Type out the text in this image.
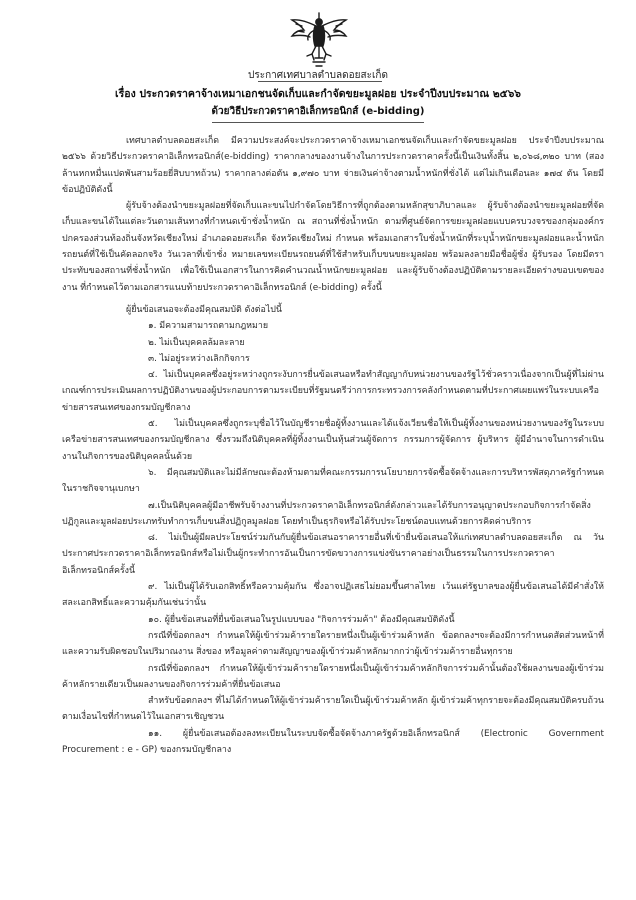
ประกาศเทศบาลตำบลดอยสะเก็ด
เรื่อง ประกวดราคาจ้างเหมาเอกชนจัดเก็บและกำจัดขยะมูลฝอย ประจำปีงบประมาณ ๒๕๖๖
ด้วยวิธีประกวดราคาอิเล็กทรอนิกส์ (e-bidding)

เทศบาลตำบลดอยสะเก็ด มีความประสงค์จะประกวดราคาจ้างเหมาเอกชนจัดเก็บและกำจัดขยะมูลฝอย ประจำปีงบประมาณ ๒๕๖๖ ด้วยวิธีประกวดราคาอิเล็กทรอนิกส์(e-bidding) ราคากลางของงานจ้างในการประกวดราคาครั้งนี้เป็นเงินทั้งสิ้น ๒,๐๖๘,๓๒๐ บาท (สองล้านหกหมื่นแปดพันสามร้อยยี่สิบบาทถ้วน) ราคากลางต่อตัน ๑,๙๗๐ บาท จ่ายเงินค่าจ้างตามน้ำหนักที่ชั่งได้ แต่ไม่เกินเดือนละ ๑๗๔ ตัน โดยมีข้อปฏิบัติดังนี้

ผู้รับจ้างต้องนำขยะมูลฝอยที่จัดเก็บและขนไปกำจัดโดยวิธีการที่ถูกต้องตามหลักสุขาภิบาลและ ผู้รับจ้างต้องนำขยะมูลฝอยที่จัดเก็บและขนได้ในแต่ละวันตามเส้นทางที่กำหนดเข้าชั่งน้ำหนัก ณ สถานที่ชั่งน้ำหนัก ตามที่ศูนย์จัดการขยะมูลฝอยแบบครบวงจรของกลุ่มองค์กรปกครองส่วนท้องถิ่นจังหวัดเชียงใหม่ อำเภอดอยสะเก็ด จังหวัดเชียงใหม่ กำหนด พร้อมเอกสารใบชั่งน้ำหนักที่ระบุน้ำหนักขยะมูลฝอยและน้ำหนักรถยนต์ที่ใช้เป็นคัดลอกจริง วันเวลาที่เข้าชั่ง หมายเลขทะเบียนรถยนต์ที่ใช้สำหรับเก็บขนขยะมูลฝอย พร้อมลงลายมือชื่อผู้ชั่ง ผู้รับรอง โดยมีตราประทับของสถานที่ชั่งน้ำหนัก เพื่อใช้เป็นเอกสารในการคิดคำนวณน้ำหนักขยะมูลฝอย และผู้รับจ้างต้องปฏิบัติตามรายละเอียดร่างขอบเขตของงาน ที่กำหนดไว้ตามเอกสารแนบท้ายประกวดราคาอิเล็กทรอนิกส์ (e-bidding) ครั้งนี้

ผู้ยื่นข้อเสนอจะต้องมีคุณสมบัติ ดังต่อไปนี้

๑. มีความสามารถตามกฎหมาย

๒. ไม่เป็นบุคคลล้มละลาย

๓. ไม่อยู่ระหว่างเลิกกิจการ

๔. ไม่เป็นบุคคลซึ่งอยู่ระหว่างถูกระงับการยื่นข้อเสนอหรือทำสัญญากับหน่วยงานของรัฐไว้ชั่วคราวเนื่องจากเป็นผู้ที่ไม่ผ่านเกณฑ์การประเมินผลการปฏิบัติงานของผู้ประกอบการตามระเบียบที่รัฐมนตรีว่าการกระทรวงการคลังกำหนดตามที่ประกาศเผยแพร่ในระบบเครือข่ายสารสนเทศของกรมบัญชีกลาง

๕. ไม่เป็นบุคคลซึ่งถูกระบุชื่อไว้ในบัญชีรายชื่อผู้ทิ้งงานและได้แจ้งเวียนชื่อให้เป็นผู้ทิ้งงานของหน่วยงานของรัฐในระบบเครือข่ายสารสนเทศของกรมบัญชีกลาง ซึ่งรวมถึงนิติบุคคลที่ผู้ทิ้งงานเป็นหุ้นส่วนผู้จัดการ กรรมการผู้จัดการ ผู้บริหาร ผู้มีอำนาจในการดำเนินงานในกิจการของนิติบุคคลนั้นด้วย

๖. มีคุณสมบัติและไม่มีลักษณะต้องห้ามตามที่คณะกรรมการนโยบายการจัดซื้อจัดจ้างและการบริหารพัสดุภาครัฐกำหนดในราชกิจจานุเบกษา

๗.เป็นนิติบุคคลผู้มีอาชีพรับจ้างงานที่ประกวดราคาอิเล็กทรอนิกส์ดังกล่าวและได้รับการอนุญาตประกอบกิจการกำจัดสิ่งปฏิกูลและมูลฝอยประเภทรับทำการเก็บขนสิ่งปฏิกูลมูลฝอย โดยทำเป็นธุรกิจหรือได้รับประโยชน์ตอบแทนด้วยการคิดค่าบริการ

๘. ไม่เป็นผู้มีผลประโยชน์ร่วมกันกับผู้ยื่นข้อเสนอราคารายอื่นที่เข้ายื่นข้อเสนอให้แก่เทศบาลตำบลดอยสะเก็ด ณ วันประกาศประกวดราคาอิเล็กทรอนิกส์หรือไม่เป็นผู้กระทำการอันเป็นการขัดขวางการแข่งขันราคาอย่างเป็นธรรมในการประกวดราคาอิเล็กทรอนิกส์ครั้งนี้

๙. ไม่เป็นผู้ได้รับเอกสิทธิ์หรือความคุ้มกัน ซึ่งอาจปฏิเสธไม่ยอมขึ้นศาลไทย เว้นแต่รัฐบาลของผู้ยื่นข้อเสนอได้มีคำสั่งให้สละเอกสิทธิ์และความคุ้มกันเช่นว่านั้น

๑๐. ผู้ยื่นข้อเสนอที่ยื่นข้อเสนอในรูปแบบของ "กิจการร่วมค้า" ต้องมีคุณสมบัติดังนี้

กรณีที่ข้อตกลงฯ กำหนดให้ผู้เข้าร่วมค้ารายใดรายหนึ่งเป็นผู้เข้าร่วมค้าหลัก ข้อตกลงฯจะต้องมีการกำหนดสัดส่วนหน้าที่และความรับผิดชอบในปริมาณงาน สิ่งของ หรือมูลค่าตามสัญญาของผู้เข้าร่วมค้าหลักมากกว่าผู้เข้าร่วมค้ารายอื่นทุกราย

กรณีที่ข้อตกลงฯ กำหนดให้ผู้เข้าร่วมค้ารายใดรายหนึ่งเป็นผู้เข้าร่วมค้าหลักกิจการร่วมค้านั้นต้องใช้ผลงานของผู้เข้าร่วมค้าหลักรายเดียวเป็นผลงานของกิจการร่วมค้าที่ยื่นข้อเสนอ

สำหรับข้อตกลงฯ ที่ไม่ได้กำหนดให้ผู้เข้าร่วมค้ารายใดเป็นผู้เข้าร่วมค้าหลัก ผู้เข้าร่วมค้าทุกรายจะต้องมีคุณสมบัติครบถ้วนตามเงื่อนไขที่กำหนดไว้ในเอกสารเชิญชวน

๑๑. ผู้ยื่นข้อเสนอต้องลงทะเบียนในระบบจัดซื้อจัดจ้างภาครัฐด้วยอิเล็กทรอนิกส์ (Electronic Government Procurement : e - GP) ของกรมบัญชีกลาง
